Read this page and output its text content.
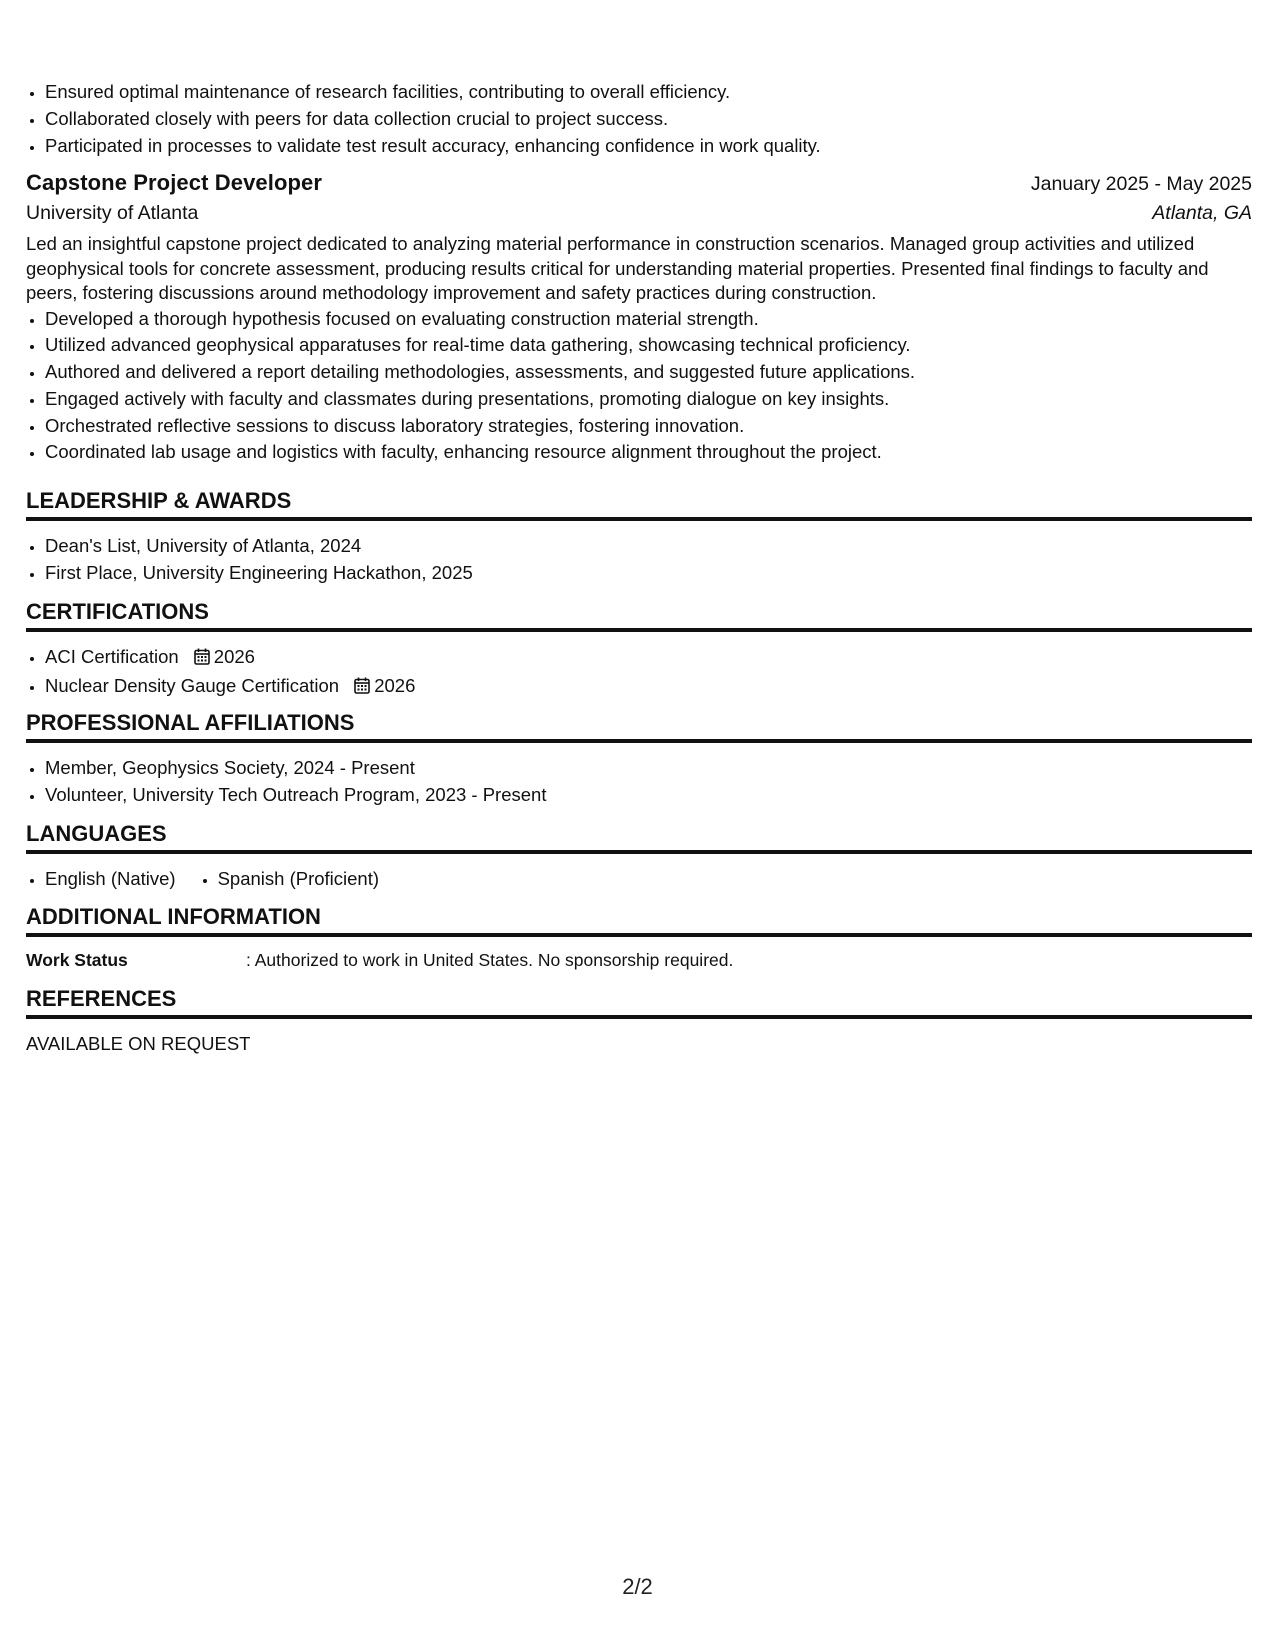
• Ensured optimal maintenance of research facilities, contributing to overall efficiency.
• Collaborated closely with peers for data collection crucial to project success.
• Participated in processes to validate test result accuracy, enhancing confidence in work quality.
Capstone Project Developer	January 2025 - May 2025
University of Atlanta	Atlanta, GA
Led an insightful capstone project dedicated to analyzing material performance in construction scenarios. Managed group activities and utilized geophysical tools for concrete assessment, producing results critical for understanding material properties. Presented final findings to faculty and peers, fostering discussions around methodology improvement and safety practices during construction.
• Developed a thorough hypothesis focused on evaluating construction material strength.
• Utilized advanced geophysical apparatuses for real-time data gathering, showcasing technical proficiency.
• Authored and delivered a report detailing methodologies, assessments, and suggested future applications.
• Engaged actively with faculty and classmates during presentations, promoting dialogue on key insights.
• Orchestrated reflective sessions to discuss laboratory strategies, fostering innovation.
• Coordinated lab usage and logistics with faculty, enhancing resource alignment throughout the project.
LEADERSHIP & AWARDS
• Dean's List, University of Atlanta, 2024
• First Place, University Engineering Hackathon, 2025
CERTIFICATIONS
• ACI Certification 2026
• Nuclear Density Gauge Certification 2026
PROFESSIONAL AFFILIATIONS
• Member, Geophysics Society, 2024 - Present
• Volunteer, University Tech Outreach Program, 2023 - Present
LANGUAGES
• English (Native)
• Spanish (Proficient)
ADDITIONAL INFORMATION
Work Status	: Authorized to work in United States. No sponsorship required.
REFERENCES
AVAILABLE ON REQUEST
2/2
